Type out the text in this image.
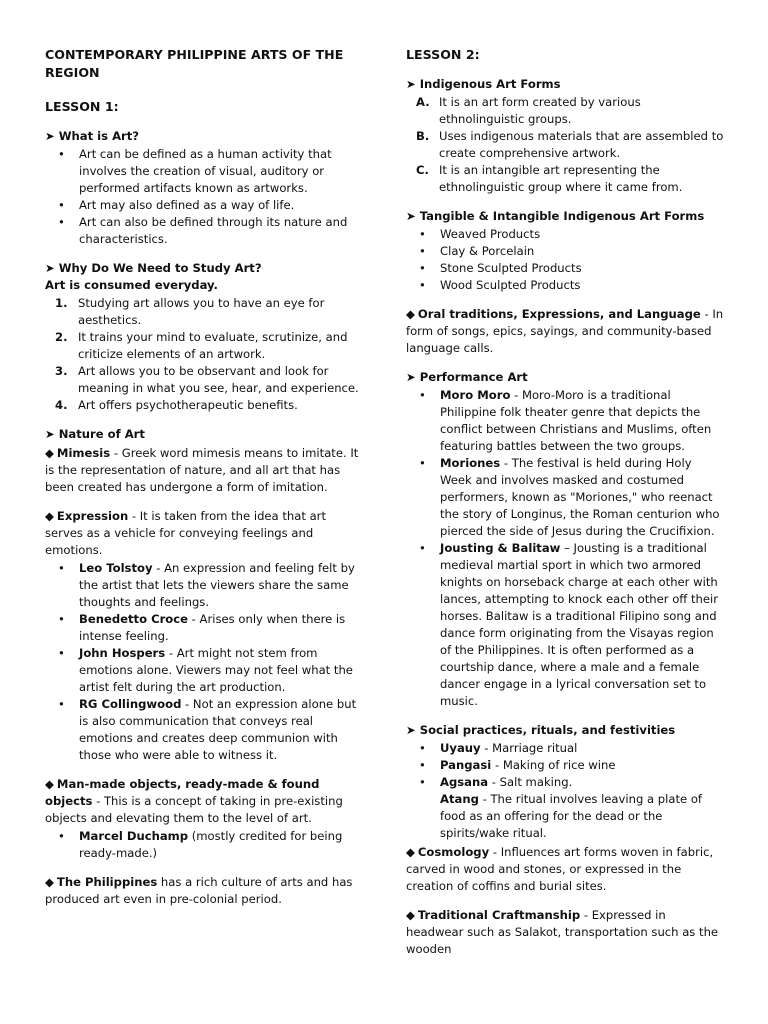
CONTEMPORARY PHILIPPINE ARTS OF THE REGION
LESSON 1:
➤ What is Art?
• Art can be defined as a human activity that involves the creation of visual, auditory or performed artifacts known as artworks.
• Art may also defined as a way of life.
• Art can also be defined through its nature and characteristics.
➤ Why Do We Need to Study Art?
Art is consumed everyday.
1. Studying art allows you to have an eye for aesthetics.
2. It trains your mind to evaluate, scrutinize, and criticize elements of an artwork.
3. Art allows you to be observant and look for meaning in what you see, hear, and experience.
4. Art offers psychotherapeutic benefits.
➤ Nature of Art
◆ Mimesis - Greek word mimesis means to imitate. It is the representation of nature, and all art that has been created has undergone a form of imitation.
◆ Expression - It is taken from the idea that art serves as a vehicle for conveying feelings and emotions.
• Leo Tolstoy - An expression and feeling felt by the artist that lets the viewers share the same thoughts and feelings.
• Benedetto Croce - Arises only when there is intense feeling.
• John Hospers - Art might not stem from emotions alone. Viewers may not feel what the artist felt during the art production.
• RG Collingwood - Not an expression alone but is also communication that conveys real emotions and creates deep communion with those who were able to witness it.
◆ Man-made objects, ready-made & found objects - This is a concept of taking in pre-existing objects and elevating them to the level of art.
• Marcel Duchamp (mostly credited for being ready-made.)
◆ The Philippines has a rich culture of arts and has produced art even in pre-colonial period.
LESSON 2:
➤ Indigenous Art Forms
A. It is an art form created by various ethnolinguistic groups.
B. Uses indigenous materials that are assembled to create comprehensive artwork.
C. It is an intangible art representing the ethnolinguistic group where it came from.
➤ Tangible & Intangible Indigenous Art Forms
• Weaved Products
• Clay & Porcelain
• Stone Sculpted Products
• Wood Sculpted Products
◆ Oral traditions, Expressions, and Language - In form of songs, epics, sayings, and community-based language calls.
➤ Performance Art
• Moro Moro - Moro-Moro is a traditional Philippine folk theater genre that depicts the conflict between Christians and Muslims, often featuring battles between the two groups.
• Moriones - The festival is held during Holy Week and involves masked and costumed performers, known as "Moriones," who reenact the story of Longinus, the Roman centurion who pierced the side of Jesus during the Crucifixion.
• Jousting & Balitaw – Jousting is a traditional medieval martial sport in which two armored knights on horseback charge at each other with lances, attempting to knock each other off their horses. Balitaw is a traditional Filipino song and dance form originating from the Visayas region of the Philippines. It is often performed as a courtship dance, where a male and a female dancer engage in a lyrical conversation set to music.
➤ Social practices, rituals, and festivities
• Uyauy - Marriage ritual
• Pangasi - Making of rice wine
• Agsana - Salt making.
Atang - The ritual involves leaving a plate of food as an offering for the dead or the spirits/wake ritual.
◆ Cosmology - Influences art forms woven in fabric, carved in wood and stones, or expressed in the creation of coffins and burial sites.
◆ Traditional Craftmanship - Expressed in headwear such as Salakot, transportation such as the wooden
